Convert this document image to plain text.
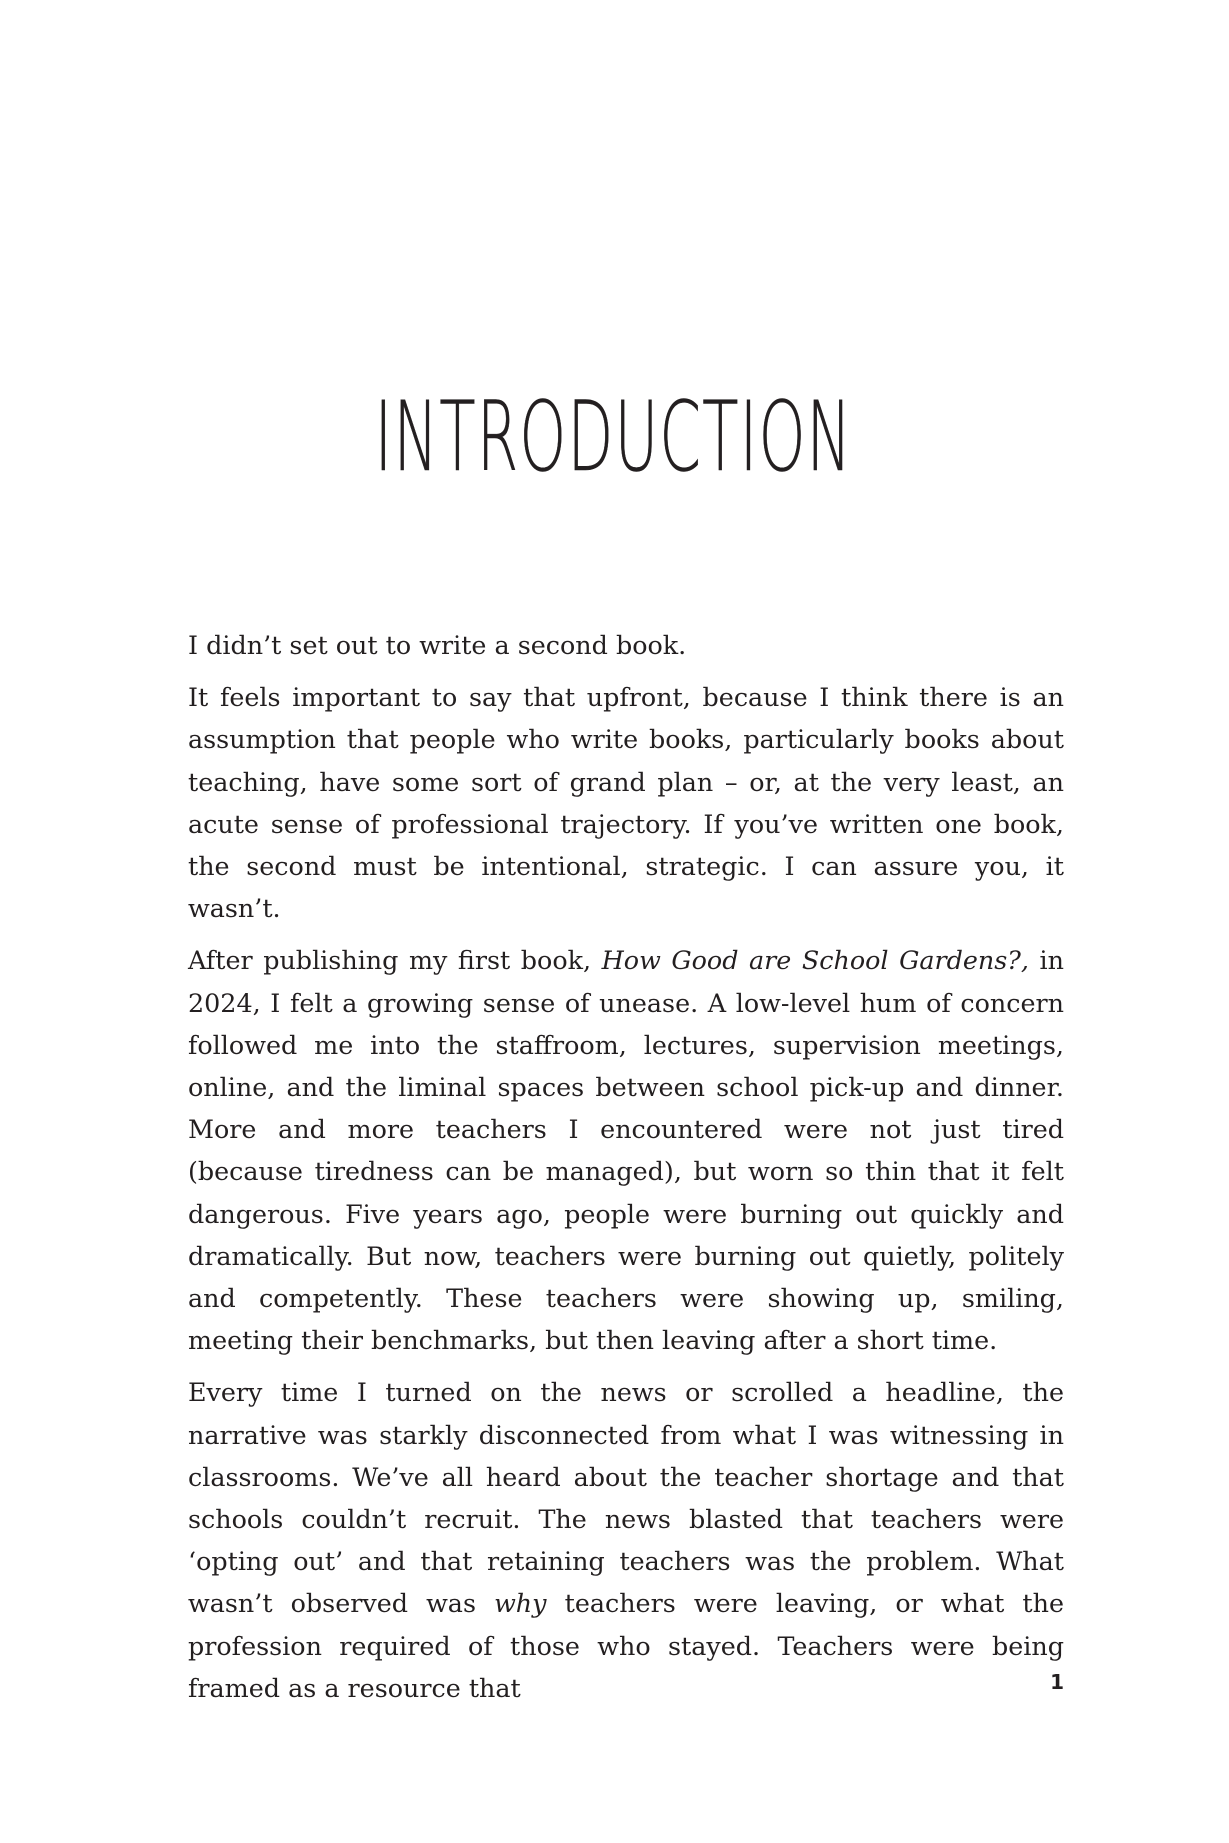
INTRODUCTION

I didn’t set out to write a second book.

It feels important to say that upfront, because I think there is an assumption that people who write books, particularly books about teaching, have some sort of grand plan – or, at the very least, an acute sense of professional trajectory. If you’ve written one book, the second must be intentional, strategic. I can assure you, it wasn’t.

After publishing my first book, How Good are School Gardens?, in 2024, I felt a growing sense of unease. A low-level hum of concern followed me into the staffroom, lectures, supervision meetings, online, and the liminal spaces between school pick-up and dinner. More and more teachers I encountered were not just tired (because tiredness can be managed), but worn so thin that it felt dangerous. Five years ago, people were burning out quickly and dramatically. But now, teachers were burning out quietly, politely and competently. These teachers were showing up, smiling, meeting their benchmarks, but then leaving after a short time.

Every time I turned on the news or scrolled a headline, the narrative was starkly disconnected from what I was witnessing in classrooms. We’ve all heard about the teacher shortage and that schools couldn’t recruit. The news blasted that teachers were ‘opting out’ and that retaining teachers was the problem. What wasn’t observed was why teachers were leaving, or what the profession required of those who stayed. Teachers were being framed as a resource that	1
